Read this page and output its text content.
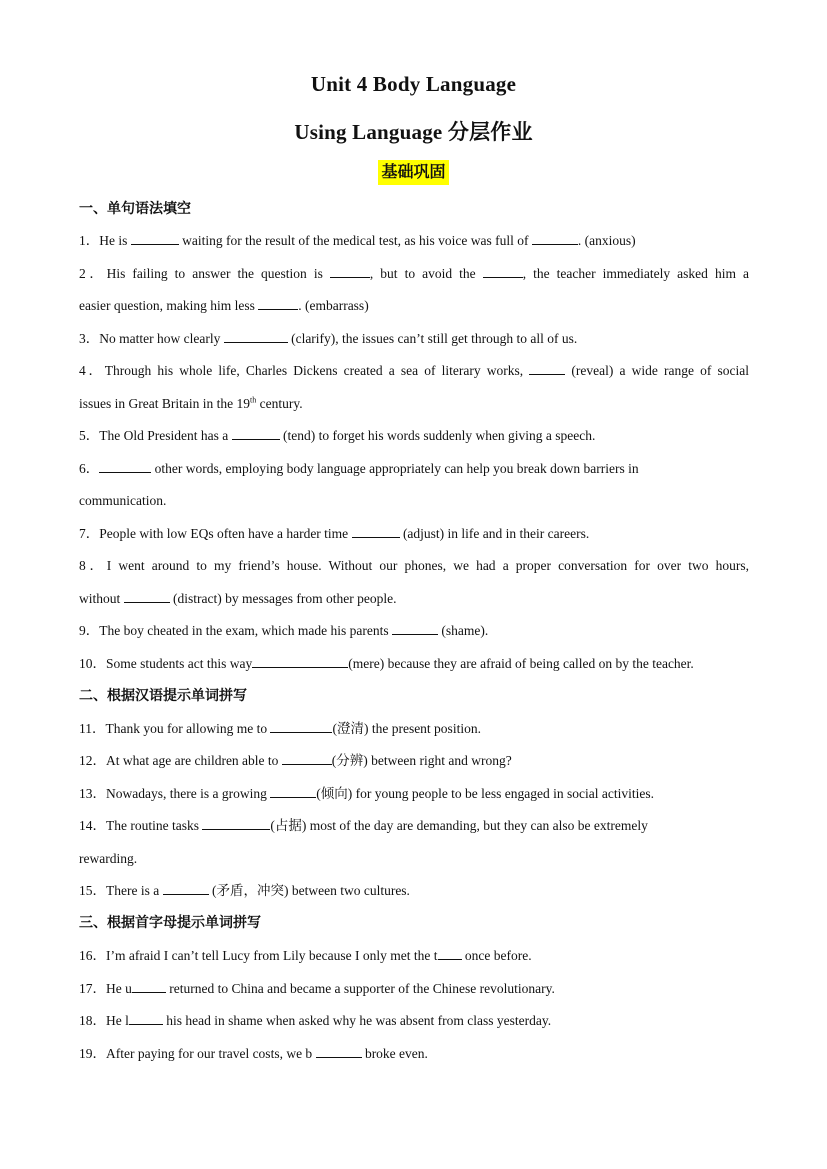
Unit 4 Body Language
Using Language 分层作业
基础巩固
一、单句语法填空
1．He is	waiting for the result of the medical test, as his voice was full of	. (anxious)
2．His failing to answer the question is	, but to avoid the	, the teacher immediately asked him a
easier question, making him less	. (embarrass)
3．No matter how clearly	(clarify), the issues can’t still get through to all of us.
4．Through his whole life, Charles Dickens created a sea of literary works,	(reveal) a wide range of social
issues in Great Britain in the 19th century.
5．The Old President has a	(tend) to forget his words suddenly when giving a speech.
6．	other words, employing body language appropriately can help you break down barriers in
communication.
7．People with low EQs often have a harder time	(adjust) in life and in their careers.
8．I went around to my friend’s house. Without our phones, we had a proper conversation for over two hours,
without	(distract) by messages from other people.
9．The boy cheated in the exam, which made his parents	(shame).
10．Some students act this way	(mere) because they are afraid of being called on by the teacher.
二、根据汉语提示单词拼写
11．Thank you for allowing me to	(澄清) the present position.
12．At what age are children able to	(分辨) between right and wrong?
13．Nowadays, there is a growing	(倾向) for young people to be less engaged in social activities.
14．The routine tasks	(占据) most of the day are demanding, but they can also be extremely
rewarding.
15．There is a	(矛盾，冲突) between two cultures.
三、根据首字母提示单词拼写
16．I’m afraid I can’t tell Lucy from Lily because I only met the t once before.
17．He u	returned to China and became a supporter of the Chinese revolutionary.
18．He l	his head in shame when asked why he was absent from class yesterday.
19．After paying for our travel costs, we b	broke even.
